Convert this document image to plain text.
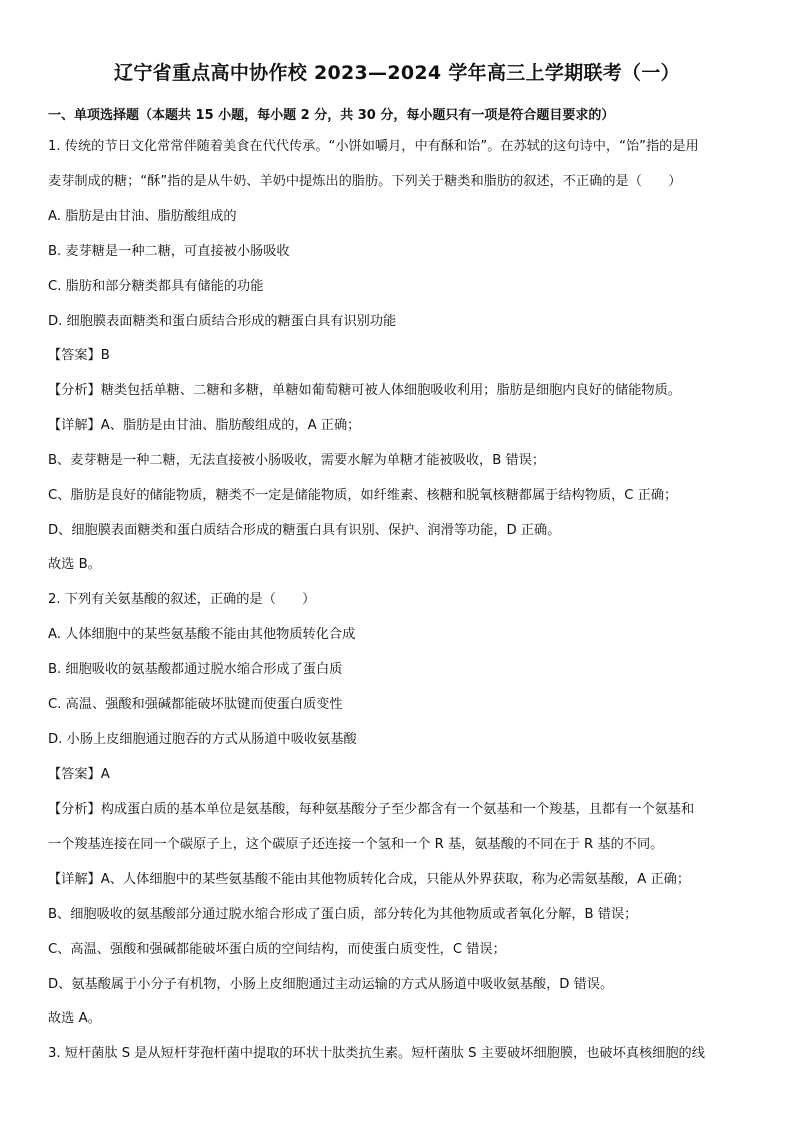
辽宁省重点高中协作校 2023—2024 学年高三上学期联考（一）
一、单项选择题（本题共 15 小题，每小题 2 分，共 30 分，每小题只有一项是符合题目要求的）
1. 传统的节日文化常常伴随着美食在代代传承。“小饼如嚼月，中有酥和饴”。在苏轼的这句诗中，“饴”指的是用
麦芽制成的糖；“酥”指的是从牛奶、羊奶中提炼出的脂肪。下列关于糖类和脂肪的叙述，不正确的是（　　）
A. 脂肪是由甘油、脂肪酸组成的
B. 麦芽糖是一种二糖，可直接被小肠吸收
C. 脂肪和部分糖类都具有储能的功能
D. 细胞膜表面糖类和蛋白质结合形成的糖蛋白具有识别功能
【答案】B
【分析】糖类包括单糖、二糖和多糖，单糖如葡萄糖可被人体细胞吸收利用；脂肪是细胞内良好的储能物质。
【详解】A、脂肪是由甘油、脂肪酸组成的，A 正确；
B、麦芽糖是一种二糖，无法直接被小肠吸收，需要水解为单糖才能被吸收，B 错误；
C、脂肪是良好的储能物质，糖类不一定是储能物质，如纤维素、核糖和脱氧核糖都属于结构物质，C 正确；
D、细胞膜表面糖类和蛋白质结合形成的糖蛋白具有识别、保护、润滑等功能，D 正确。
故选 B。
2. 下列有关氨基酸的叙述，正确的是（　　）
A. 人体细胞中的某些氨基酸不能由其他物质转化合成
B. 细胞吸收的氨基酸都通过脱水缩合形成了蛋白质
C. 高温、强酸和强碱都能破坏肽键而使蛋白质变性
D. 小肠上皮细胞通过胞吞的方式从肠道中吸收氨基酸
【答案】A
【分析】构成蛋白质的基本单位是氨基酸，每种氨基酸分子至少都含有一个氨基和一个羧基，且都有一个氨基和
一个羧基连接在同一个碳原子上，这个碳原子还连接一个氢和一个 R 基，氨基酸的不同在于 R 基的不同。
【详解】A、人体细胞中的某些氨基酸不能由其他物质转化合成，只能从外界获取，称为必需氨基酸，A 正确；
B、细胞吸收的氨基酸部分通过脱水缩合形成了蛋白质，部分转化为其他物质或者氧化分解，B 错误；
C、高温、强酸和强碱都能破坏蛋白质的空间结构，而使蛋白质变性，C 错误；
D、氨基酸属于小分子有机物，小肠上皮细胞通过主动运输的方式从肠道中吸收氨基酸，D 错误。
故选 A。
3. 短杆菌肽 S 是从短杆芽孢杆菌中提取的环状十肽类抗生素。短杆菌肽 S 主要破坏细胞膜，也破坏真核细胞的线
